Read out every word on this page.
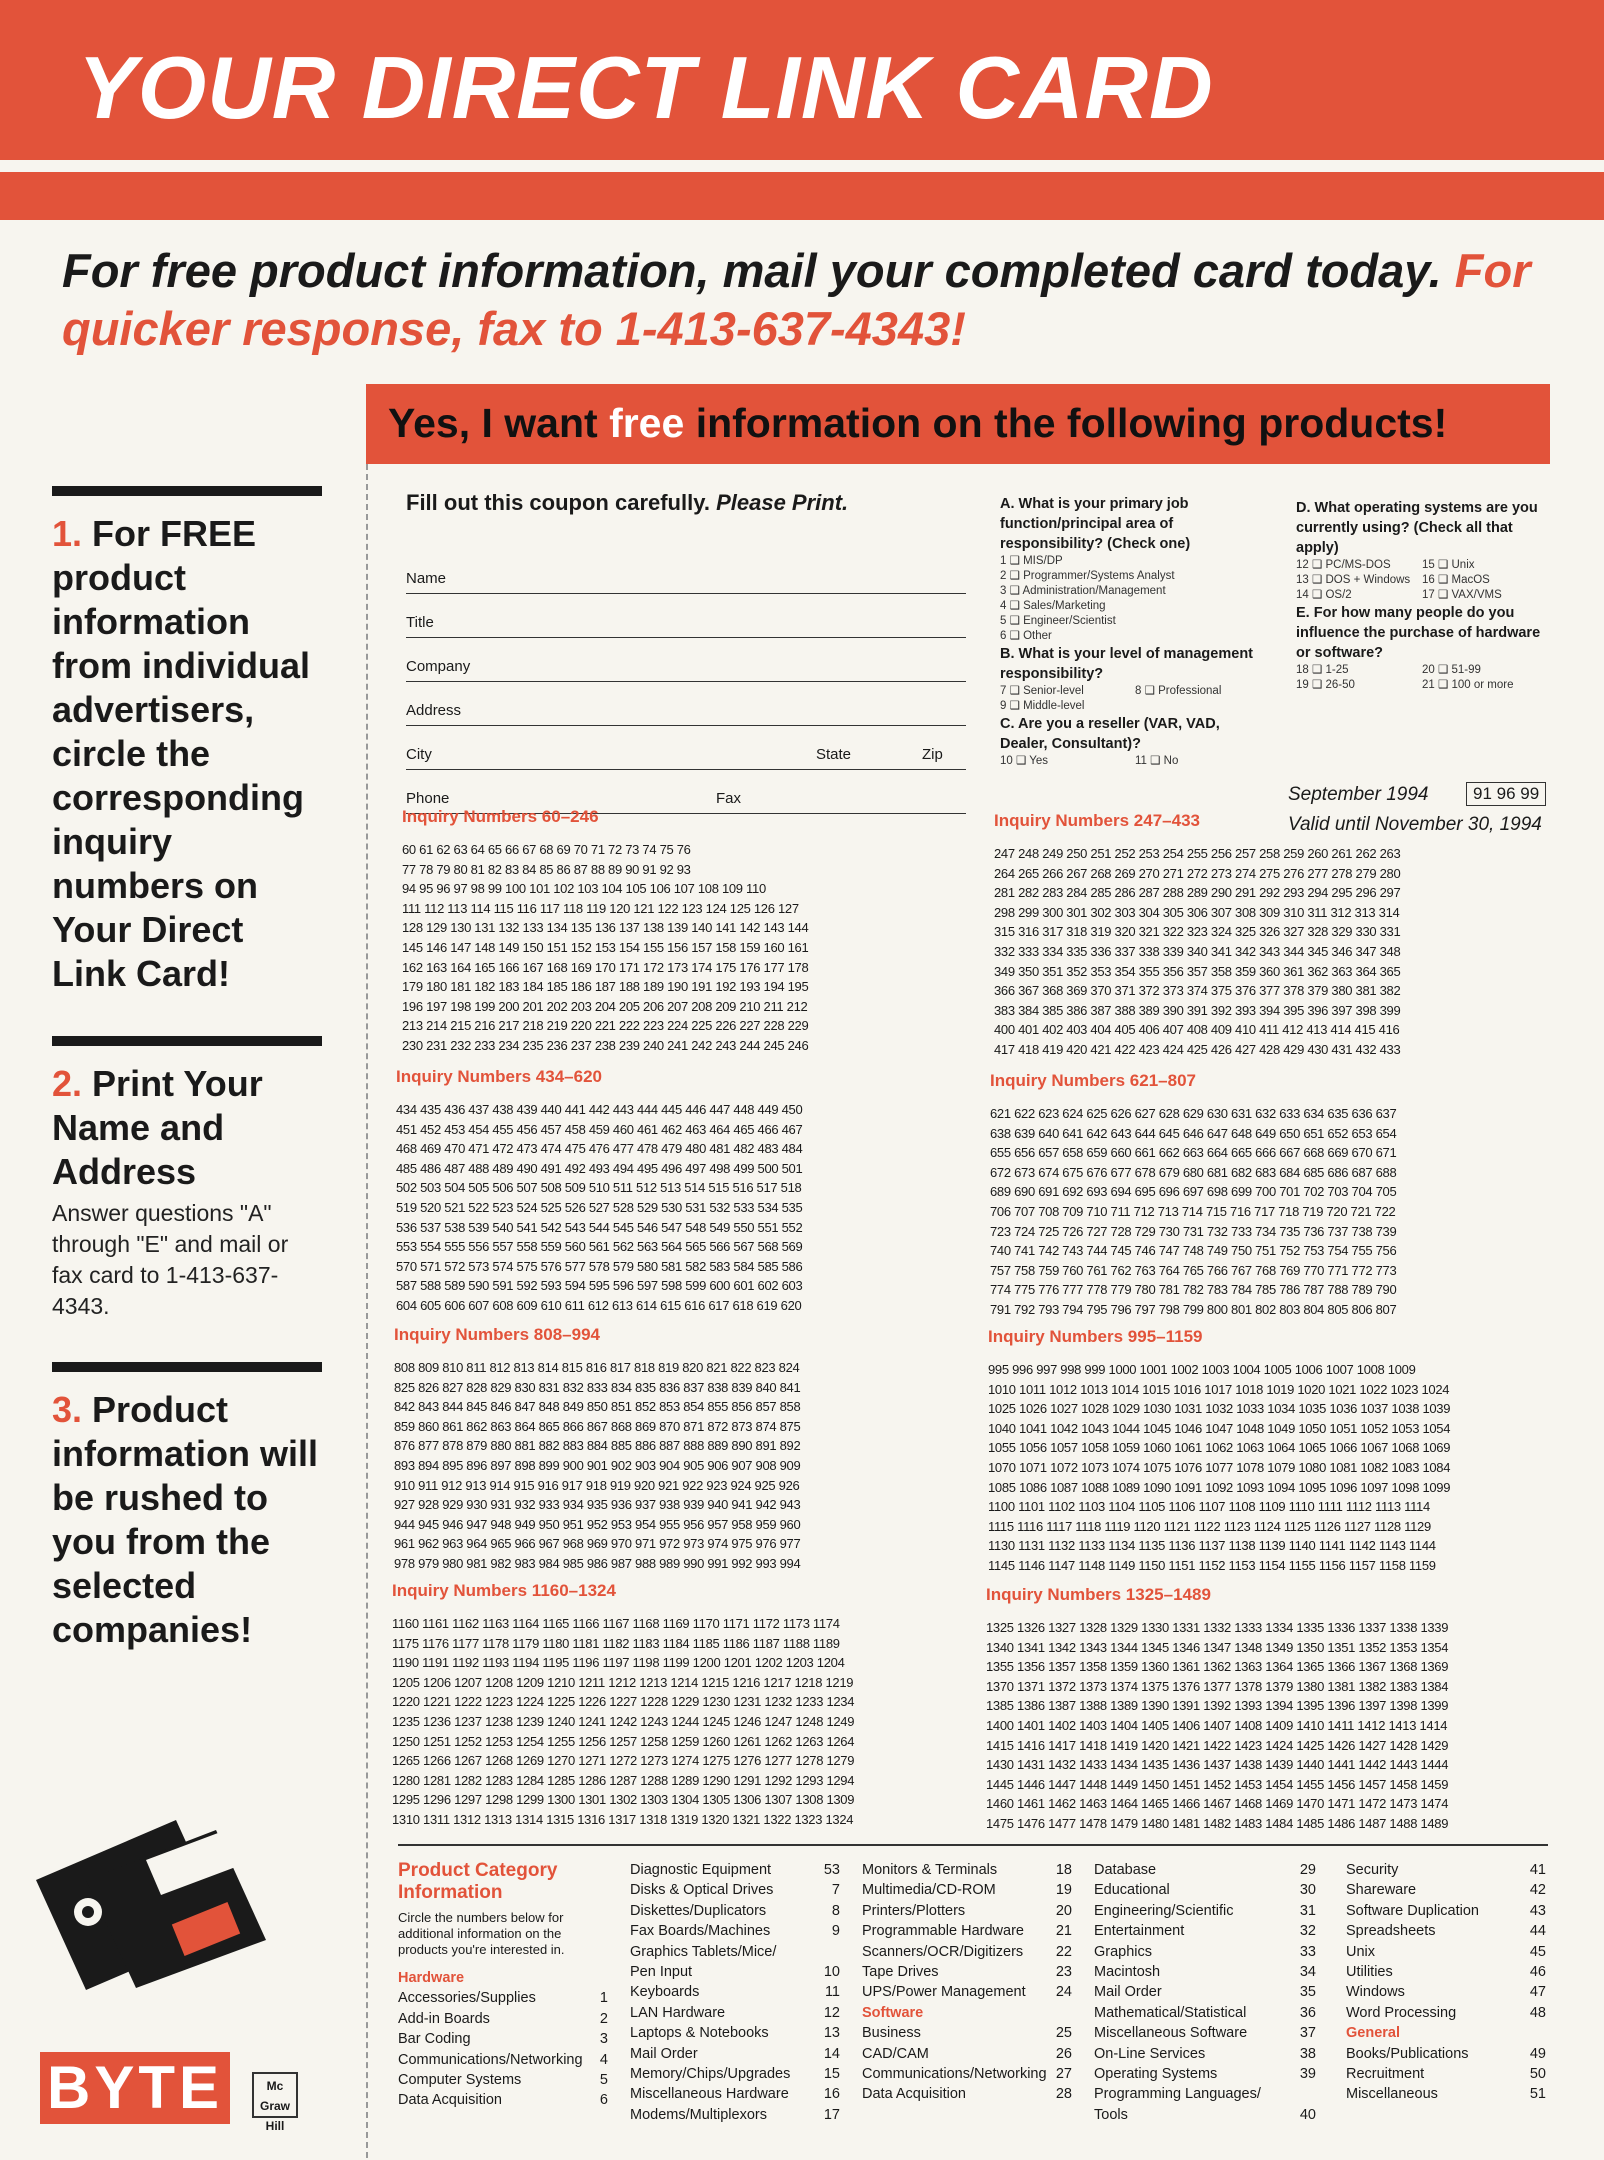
YOUR DIRECT LINK CARD
For free product information, mail your completed card today. For quicker response, fax to 1-413-637-4343!
1. For FREE product information from individual advertisers, circle the corresponding inquiry numbers on Your Direct Link Card!
2. Print Your Name and Address

Answer questions "A" through "E" and mail or fax card to 1-413-637-4343.

3. Product information will be rushed to you from the selected companies!
BYTE	Mc Graw Hill
Yes, I want free information on the following products!
Fill out this coupon carefully. Please Print.
Name
Title
Company
Address
City	State	Zip
Phone	Fax
A. What is your primary job function/principal area of responsibility? (Check one)
1 ❑ MIS/DP
2 ❑ Programmer/Systems Analyst
3 ❑ Administration/Management
4 ❑ Sales/Marketing
5 ❑ Engineer/Scientist
6 ❑ Other
B. What is your level of management responsibility?
7 ❑ Senior-level	8 ❑ Professional
9 ❑ Middle-level
C. Are you a reseller (VAR, VAD, Dealer, Consultant)?
10 ❑ Yes	11 ❑ No
D. What operating systems are you currently using? (Check all that apply)
12 ❑ PC/MS-DOS	15 ❑ Unix
13 ❑ DOS + Windows	16 ❑ MacOS
14 ❑ OS/2	17 ❑ VAX/VMS
E. For how many people do you influence the purchase of hardware or software?
18 ❑ 1-25	20 ❑ 51-99
19 ❑ 26-50	21 ❑ 100 or more
September 1994	91 96 99
Valid until November 30, 1994
Inquiry Numbers 60–246
60 61 62 63 64 65 66 67 68 69 70 71 72 73 74 75 76
77 78 79 80 81 82 83 84 85 86 87 88 89 90 91 92 93
94 95 96 97 98 99 100 101 102 103 104 105 106 107 108 109 110
111 112 113 114 115 116 117 118 119 120 121 122 123 124 125 126 127
128 129 130 131 132 133 134 135 136 137 138 139 140 141 142 143 144
145 146 147 148 149 150 151 152 153 154 155 156 157 158 159 160 161
162 163 164 165 166 167 168 169 170 171 172 173 174 175 176 177 178
179 180 181 182 183 184 185 186 187 188 189 190 191 192 193 194 195
196 197 198 199 200 201 202 203 204 205 206 207 208 209 210 211 212
213 214 215 216 217 218 219 220 221 222 223 224 225 226 227 228 229
230 231 232 233 234 235 236 237 238 239 240 241 242 243 244 245 246
Inquiry Numbers 247–433
247 248 249 250 251 252 253 254 255 256 257 258 259 260 261 262 263
264 265 266 267 268 269 270 271 272 273 274 275 276 277 278 279 280
281 282 283 284 285 286 287 288 289 290 291 292 293 294 295 296 297
298 299 300 301 302 303 304 305 306 307 308 309 310 311 312 313 314
315 316 317 318 319 320 321 322 323 324 325 326 327 328 329 330 331
332 333 334 335 336 337 338 339 340 341 342 343 344 345 346 347 348
349 350 351 352 353 354 355 356 357 358 359 360 361 362 363 364 365
366 367 368 369 370 371 372 373 374 375 376 377 378 379 380 381 382
383 384 385 386 387 388 389 390 391 392 393 394 395 396 397 398 399
400 401 402 403 404 405 406 407 408 409 410 411 412 413 414 415 416
417 418 419 420 421 422 423 424 425 426 427 428 429 430 431 432 433
Inquiry Numbers 434–620
434 435 436 437 438 439 440 441 442 443 444 445 446 447 448 449 450
451 452 453 454 455 456 457 458 459 460 461 462 463 464 465 466 467
468 469 470 471 472 473 474 475 476 477 478 479 480 481 482 483 484
485 486 487 488 489 490 491 492 493 494 495 496 497 498 499 500 501
502 503 504 505 506 507 508 509 510 511 512 513 514 515 516 517 518
519 520 521 522 523 524 525 526 527 528 529 530 531 532 533 534 535
536 537 538 539 540 541 542 543 544 545 546 547 548 549 550 551 552
553 554 555 556 557 558 559 560 561 562 563 564 565 566 567 568 569
570 571 572 573 574 575 576 577 578 579 580 581 582 583 584 585 586
587 588 589 590 591 592 593 594 595 596 597 598 599 600 601 602 603
604 605 606 607 608 609 610 611 612 613 614 615 616 617 618 619 620
Inquiry Numbers 621–807
621 622 623 624 625 626 627 628 629 630 631 632 633 634 635 636 637
638 639 640 641 642 643 644 645 646 647 648 649 650 651 652 653 654
655 656 657 658 659 660 661 662 663 664 665 666 667 668 669 670 671
672 673 674 675 676 677 678 679 680 681 682 683 684 685 686 687 688
689 690 691 692 693 694 695 696 697 698 699 700 701 702 703 704 705
706 707 708 709 710 711 712 713 714 715 716 717 718 719 720 721 722
723 724 725 726 727 728 729 730 731 732 733 734 735 736 737 738 739
740 741 742 743 744 745 746 747 748 749 750 751 752 753 754 755 756
757 758 759 760 761 762 763 764 765 766 767 768 769 770 771 772 773
774 775 776 777 778 779 780 781 782 783 784 785 786 787 788 789 790
791 792 793 794 795 796 797 798 799 800 801 802 803 804 805 806 807
Inquiry Numbers 808–994
808 809 810 811 812 813 814 815 816 817 818 819 820 821 822 823 824
825 826 827 828 829 830 831 832 833 834 835 836 837 838 839 840 841
842 843 844 845 846 847 848 849 850 851 852 853 854 855 856 857 858
859 860 861 862 863 864 865 866 867 868 869 870 871 872 873 874 875
876 877 878 879 880 881 882 883 884 885 886 887 888 889 890 891 892
893 894 895 896 897 898 899 900 901 902 903 904 905 906 907 908 909
910 911 912 913 914 915 916 917 918 919 920 921 922 923 924 925 926
927 928 929 930 931 932 933 934 935 936 937 938 939 940 941 942 943
944 945 946 947 948 949 950 951 952 953 954 955 956 957 958 959 960
961 962 963 964 965 966 967 968 969 970 971 972 973 974 975 976 977
978 979 980 981 982 983 984 985 986 987 988 989 990 991 992 993 994
Inquiry Numbers 995–1159
995 996 997 998 999 1000 1001 1002 1003 1004 1005 1006 1007 1008 1009
1010 1011 1012 1013 1014 1015 1016 1017 1018 1019 1020 1021 1022 1023 1024
1025 1026 1027 1028 1029 1030 1031 1032 1033 1034 1035 1036 1037 1038 1039
1040 1041 1042 1043 1044 1045 1046 1047 1048 1049 1050 1051 1052 1053 1054
1055 1056 1057 1058 1059 1060 1061 1062 1063 1064 1065 1066 1067 1068 1069
1070 1071 1072 1073 1074 1075 1076 1077 1078 1079 1080 1081 1082 1083 1084
1085 1086 1087 1088 1089 1090 1091 1092 1093 1094 1095 1096 1097 1098 1099
1100 1101 1102 1103 1104 1105 1106 1107 1108 1109 1110 1111 1112 1113 1114
1115 1116 1117 1118 1119 1120 1121 1122 1123 1124 1125 1126 1127 1128 1129
1130 1131 1132 1133 1134 1135 1136 1137 1138 1139 1140 1141 1142 1143 1144
1145 1146 1147 1148 1149 1150 1151 1152 1153 1154 1155 1156 1157 1158 1159
Inquiry Numbers 1160–1324
1160 1161 1162 1163 1164 1165 1166 1167 1168 1169 1170 1171 1172 1173 1174
1175 1176 1177 1178 1179 1180 1181 1182 1183 1184 1185 1186 1187 1188 1189
1190 1191 1192 1193 1194 1195 1196 1197 1198 1199 1200 1201 1202 1203 1204
1205 1206 1207 1208 1209 1210 1211 1212 1213 1214 1215 1216 1217 1218 1219
1220 1221 1222 1223 1224 1225 1226 1227 1228 1229 1230 1231 1232 1233 1234
1235 1236 1237 1238 1239 1240 1241 1242 1243 1244 1245 1246 1247 1248 1249
1250 1251 1252 1253 1254 1255 1256 1257 1258 1259 1260 1261 1262 1263 1264
1265 1266 1267 1268 1269 1270 1271 1272 1273 1274 1275 1276 1277 1278 1279
1280 1281 1282 1283 1284 1285 1286 1287 1288 1289 1290 1291 1292 1293 1294
1295 1296 1297 1298 1299 1300 1301 1302 1303 1304 1305 1306 1307 1308 1309
1310 1311 1312 1313 1314 1315 1316 1317 1318 1319 1320 1321 1322 1323 1324
Inquiry Numbers 1325–1489
1325 1326 1327 1328 1329 1330 1331 1332 1333 1334 1335 1336 1337 1338 1339
1340 1341 1342 1343 1344 1345 1346 1347 1348 1349 1350 1351 1352 1353 1354
1355 1356 1357 1358 1359 1360 1361 1362 1363 1364 1365 1366 1367 1368 1369
1370 1371 1372 1373 1374 1375 1376 1377 1378 1379 1380 1381 1382 1383 1384
1385 1386 1387 1388 1389 1390 1391 1392 1393 1394 1395 1396 1397 1398 1399
1400 1401 1402 1403 1404 1405 1406 1407 1408 1409 1410 1411 1412 1413 1414
1415 1416 1417 1418 1419 1420 1421 1422 1423 1424 1425 1426 1427 1428 1429
1430 1431 1432 1433 1434 1435 1436 1437 1438 1439 1440 1441 1442 1443 1444
1445 1446 1447 1448 1449 1450 1451 1452 1453 1454 1455 1456 1457 1458 1459
1460 1461 1462 1463 1464 1465 1466 1467 1468 1469 1470 1471 1472 1473 1474
1475 1476 1477 1478 1479 1480 1481 1482 1483 1484 1485 1486 1487 1488 1489
Product Category Information
Circle the numbers below for additional information on the products you're interested in.
Hardware
Accessories/Supplies	1
Add-in Boards	2
Bar Coding	3
Communications/Networking 4
Computer Systems	5
Data Acquisition	6
Diagnostic Equipment	53
Disks & Optical Drives	7
Diskettes/Duplicators	8
Fax Boards/Machines	9
Graphics Tablets/Mice/
Pen Input	10
Keyboards	11
LAN Hardware	12
Laptops & Notebooks	13
Mail Order	14
Memory/Chips/Upgrades 15
Miscellaneous Hardware 16
Modems/Multiplexors	17
Monitors & Terminals	18
Multimedia/CD-ROM	19
Printers/Plotters	20
Programmable Hardware 21
Scanners/OCR/Digitizers 22
Tape Drives	23
UPS/Power Management 24
Software
Business	25
CAD/CAM	26
Communications/Networking 27
Data Acquisition	28
Database	29
Educational	30
Engineering/Scientific	31
Entertainment	32
Graphics	33
Macintosh	34
Mail Order	35
Mathematical/Statistical	36
Miscellaneous Software	37
On-Line Services	38
Operating Systems	39
Programming Languages/
Tools	40
Security	41
Shareware	42
Software Duplication	43
Spreadsheets	44
Unix	45
Utilities	46
Windows	47
Word Processing	48
General
Books/Publications	49
Recruitment	50
Miscellaneous	51
